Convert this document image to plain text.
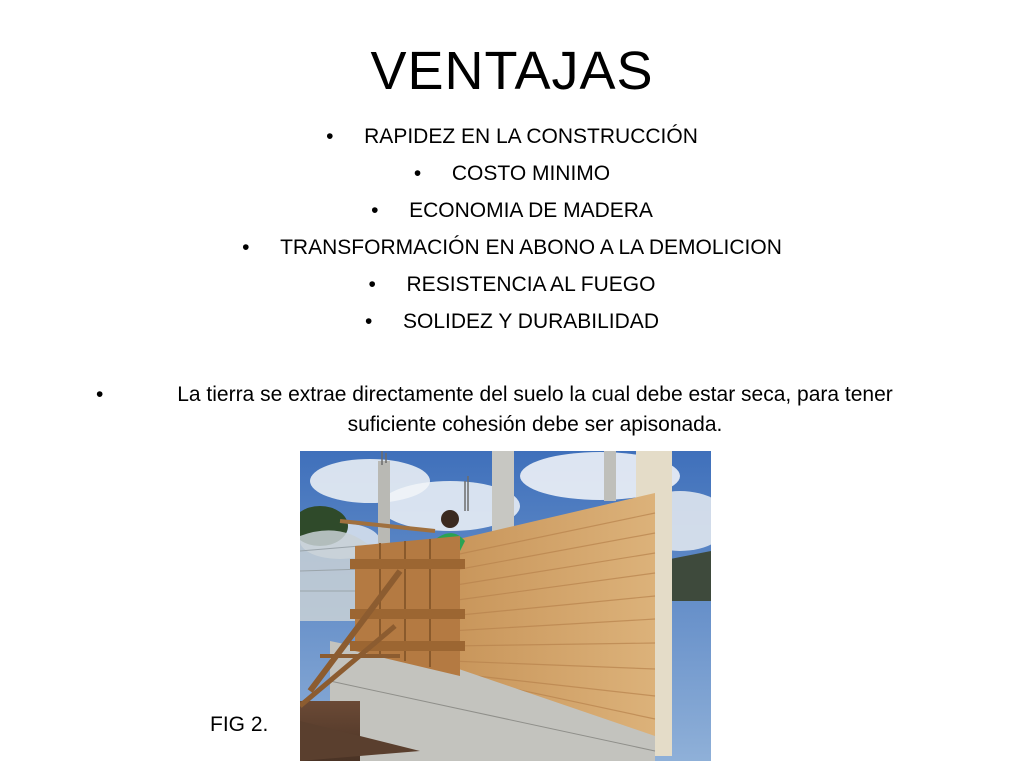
VENTAJAS
• RAPIDEZ EN LA CONSTRUCCIÓN
• COSTO MINIMO
• ECONOMIA DE MADERA
• TRANSFORMACIÓN EN ABONO A LA DEMOLICION
• RESISTENCIA AL FUEGO
• SOLIDEZ Y DURABILIDAD
•	La tierra se extrae directamente del suelo la cual debe estar seca, para tener suficiente cohesión debe ser apisonada.
FIG 2.
